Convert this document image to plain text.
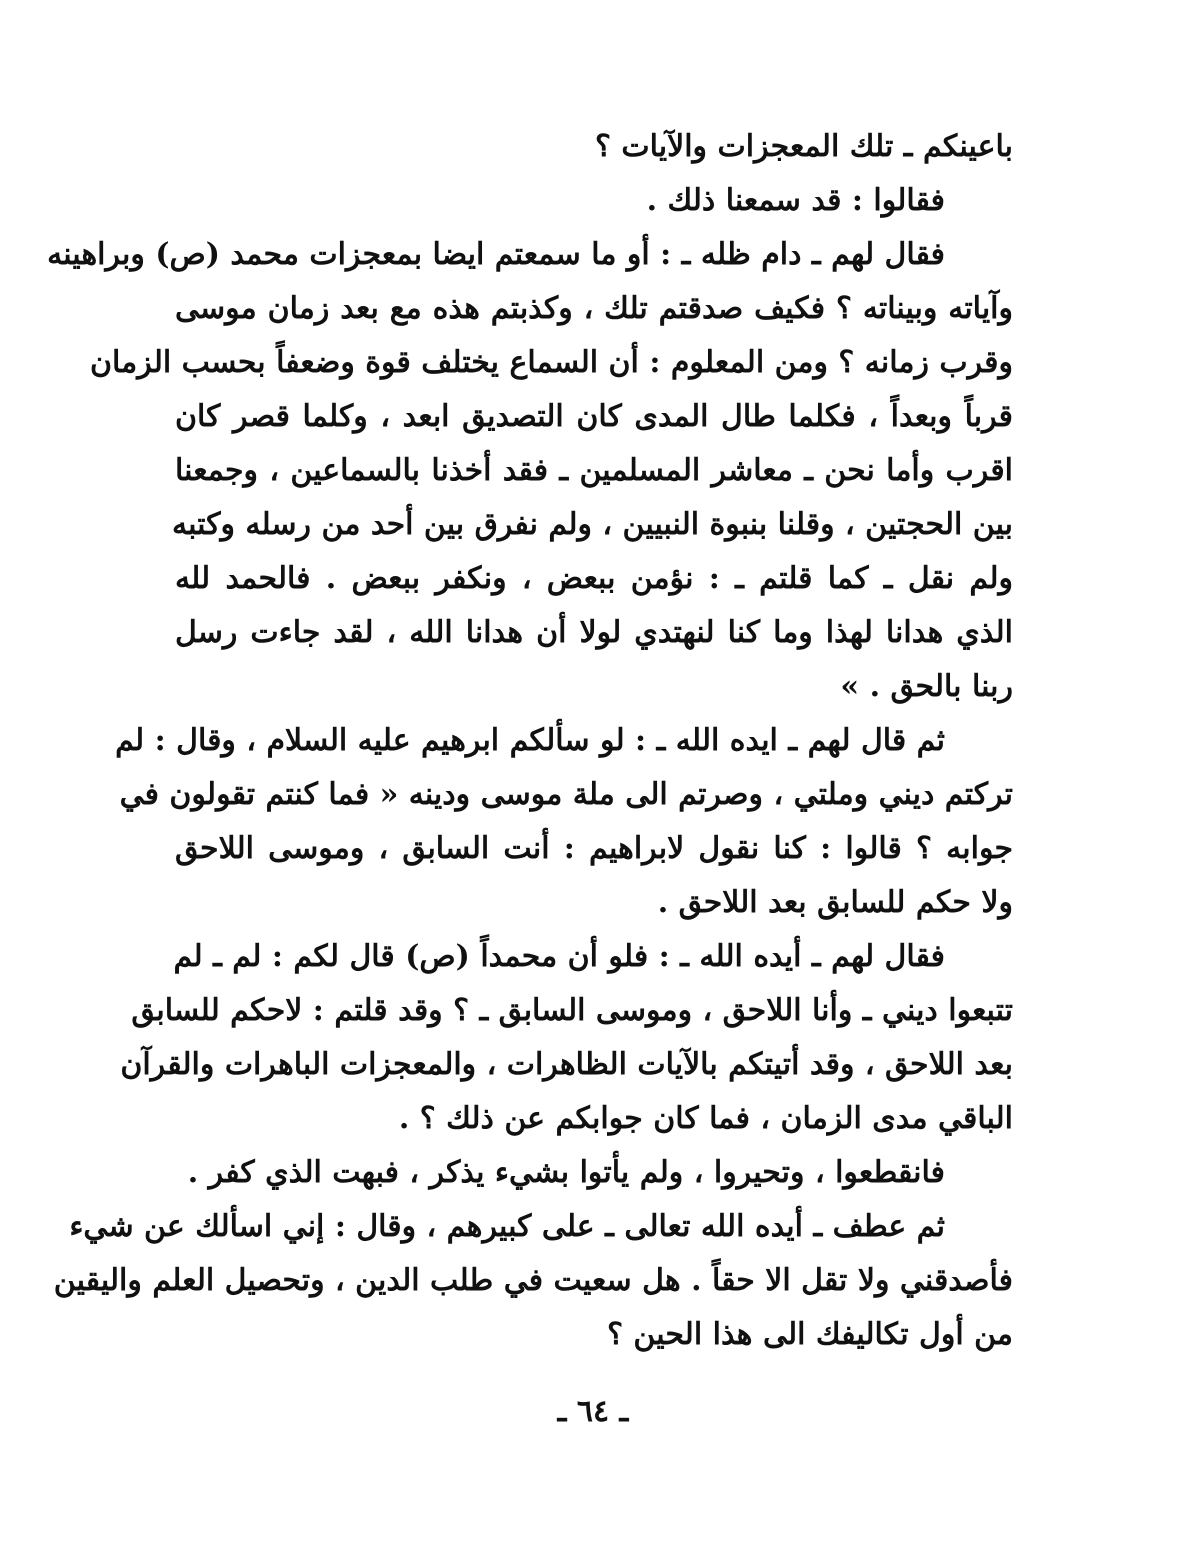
باعينكم ـ تلك المعجزات والآيات ؟
فقالوا : قد سمعنا ذلك .
فقال لهم ـ دام ظله ـ : أو ما سمعتم ايضا بمعجزات محمد (ص) وبراهينه
وآياته وبيناته ؟ فكيف صدقتم تلك ، وكذبتم هذه مع بعد زمان موسى
وقرب زمانه ؟ ومن المعلوم : أن السماع يختلف قوة وضعفاً بحسب الزمان
قرباً وبعداً ، فكلما طال المدى كان التصديق ابعد ، وكلما قصر كان
اقرب وأما نحن ـ معاشر المسلمين ـ فقد أخذنا بالسماعين ، وجمعنا
بين الحجتين ، وقلنا بنبوة النبيين ، ولم نفرق بين أحد من رسله وكتبه
ولم نقل ـ كما قلتم ـ : نؤمن ببعض ، ونكفر ببعض . فالحمد لله
الذي هدانا لهذا وما كنا لنهتدي لولا أن هدانا الله ، لقد جاءت رسل
ربنا بالحق . »
ثم قال لهم ـ ايده الله ـ : لو سألكم ابرهيم عليه السلام ، وقال : لم
تركتم ديني وملتي ، وصرتم الى ملة موسى ودينه « فما كنتم تقولون في
جوابه ؟ قالوا : كنا نقول لابراهيم : أنت السابق ، وموسى اللاحق
ولا حكم للسابق بعد اللاحق .
فقال لهم ـ أيده الله ـ : فلو أن محمداً (ص) قال لكم : لم ـ لم
تتبعوا ديني ـ وأنا اللاحق ، وموسى السابق ـ ؟ وقد قلتم : لاحكم للسابق
بعد اللاحق ، وقد أتيتكم بالآيات الظاهرات ، والمعجزات الباهرات والقرآن
الباقي مدى الزمان ، فما كان جوابكم عن ذلك ؟ .
فانقطعوا ، وتحيروا ، ولم يأتوا بشيء يذكر ، فبهت الذي كفر .
ثم عطف ـ أيده الله تعالى ـ على كبيرهم ، وقال : إني اسألك عن شيء
فأصدقني ولا تقل الا حقاً . هل سعيت في طلب الدين ، وتحصيل العلم واليقين
من أول تكاليفك الى هذا الحين ؟
ـ ٦٤ ـ
